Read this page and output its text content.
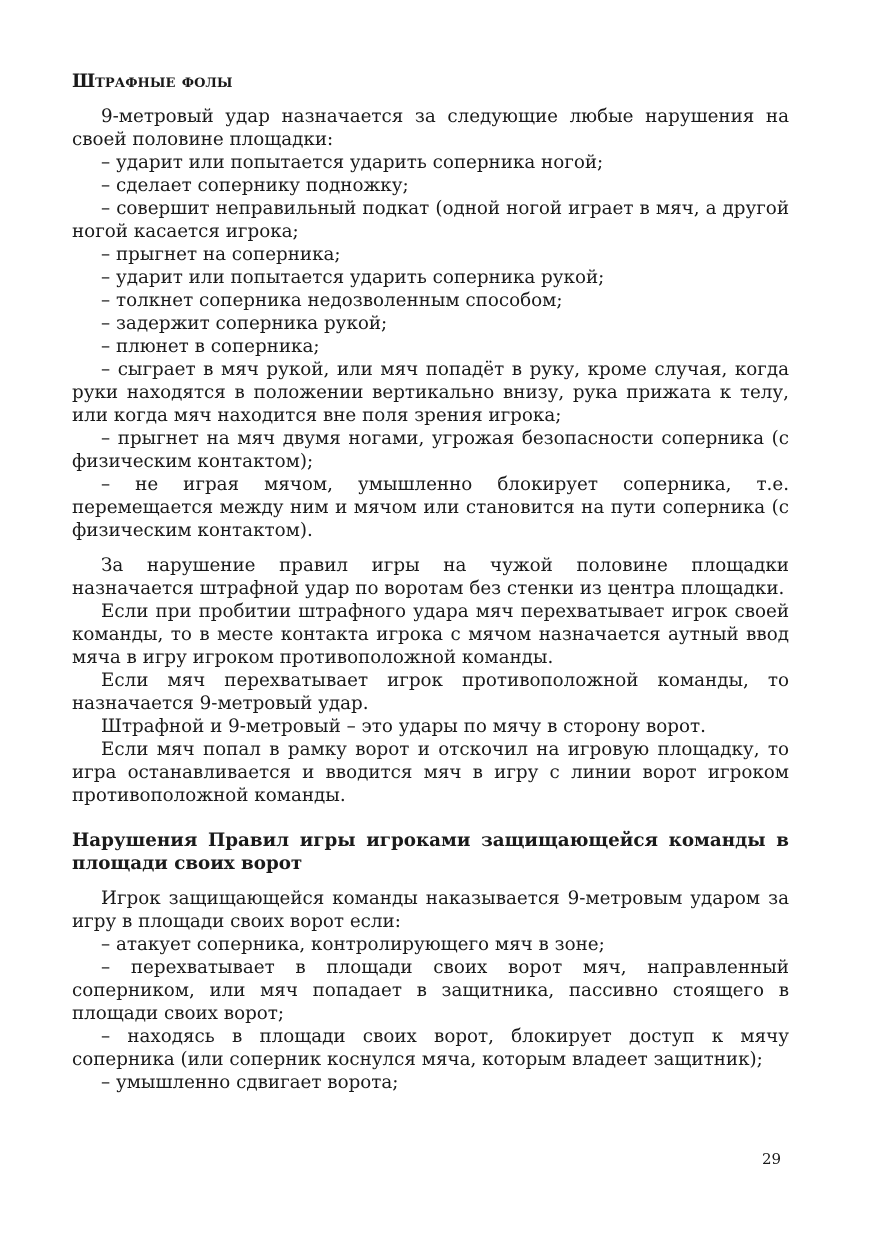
Штрафные фолы

9-метровый удар назначается за следующие любые нарушения на своей половине площадки:

– ударит или попытается ударить соперника ногой;
– сделает сопернику подножку;
– совершит неправильный подкат (одной ногой играет в мяч, а другой ногой касается игрока;
– прыгнет на соперника;
– ударит или попытается ударить соперника рукой;
– толкнет соперника недозволенным способом;
– задержит соперника рукой;
– плюнет в соперника;
– сыграет в мяч рукой, или мяч попадёт в руку, кроме случая, когда руки находятся в положении вертикально внизу, рука прижата к телу, или когда мяч находится вне поля зрения игрока;
– прыгнет на мяч двумя ногами, угрожая безопасности соперника (с физическим контактом);
– не играя мячом, умышленно блокирует соперника, т.е. перемещается между ним и мячом или становится на пути соперника (с физическим контактом).

За нарушение правил игры на чужой половине площадки назначается штрафной удар по воротам без стенки из центра площадки.

Если при пробитии штрафного удара мяч перехватывает игрок своей команды, то в месте контакта игрока с мячом назначается аутный ввод мяча в игру игроком противоположной команды.

Если мяч перехватывает игрок противоположной команды, то назначается 9-метровый удар.

Штрафной и 9-метровый – это удары по мячу в сторону ворот.

Если мяч попал в рамку ворот и отскочил на игровую площадку, то игра останавливается и вводится мяч в игру с линии ворот игроком противоположной команды.

Нарушения Правил игры игроками защищающейся команды в площади своих ворот

Игрок защищающейся команды наказывается 9-метровым ударом за игру в площади своих ворот если:

– атакует соперника, контролирующего мяч в зоне;
– перехватывает в площади своих ворот мяч, направленный соперником, или мяч попадает в защитника, пассивно стоящего в площади своих ворот;
– находясь в площади своих ворот, блокирует доступ к мячу соперника (или соперник коснулся мяча, которым владеет защитник);
– умышленно сдвигает ворота;
29
